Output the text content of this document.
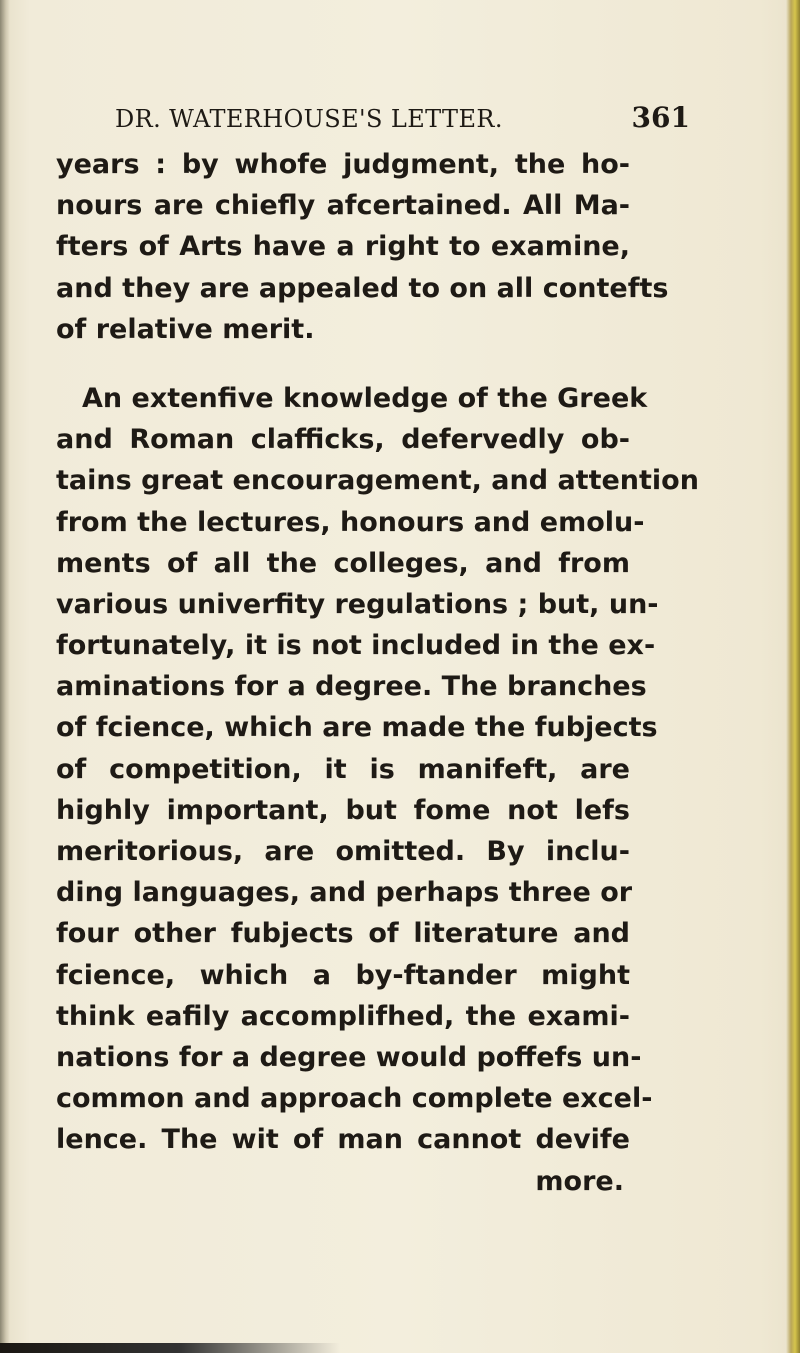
DR. WATERHOUSE'S LETTER.	361
years : by whofe judgment, the ho-
nours are chiefly afcertained. All Ma-
fters of Arts have a right to examine,
and they are appealed to on all contefts
of relative merit.
An extenfive knowledge of the Greek
and Roman clafficks, defervedly ob-
tains great encouragement, and attention
from the lectures, honours and emolu-
ments of all the colleges, and from
various univerfity regulations ; but, un-
fortunately, it is not included in the ex-
aminations for a degree. The branches
of fcience, which are made the fubjects
of competition, it is manifeft, are
highly important, but fome not lefs
meritorious, are omitted. By inclu-
ding languages, and perhaps three or
four other fubjects of literature and
fcience, which a by-ftander might
think eafily accomplifhed, the exami-
nations for a degree would poffefs un-
common and approach complete excel-
lence. The wit of man cannot devife
more.
